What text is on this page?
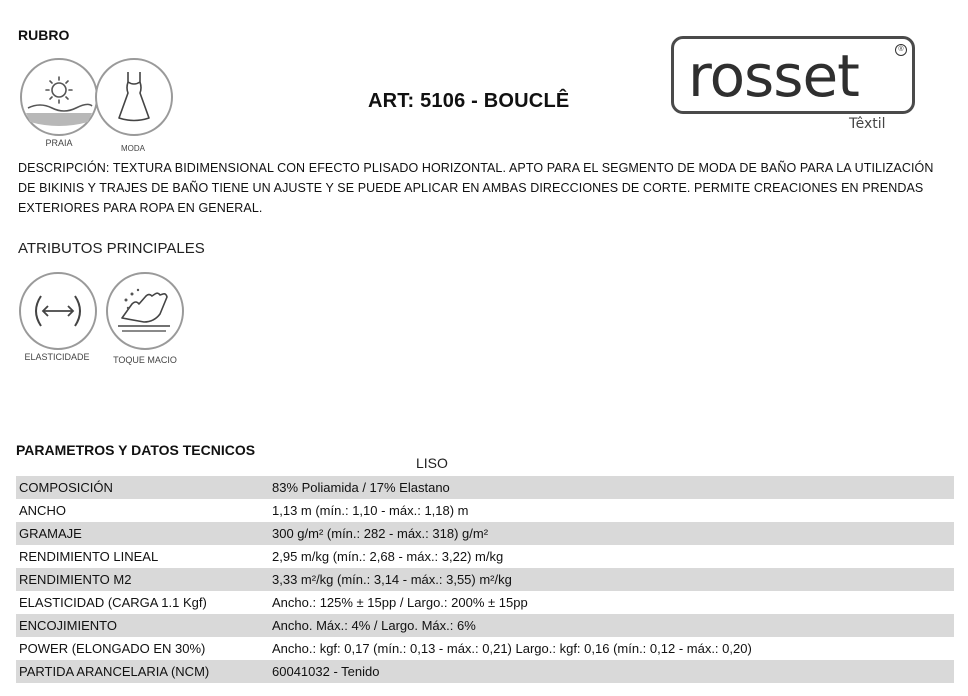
RUBRO
PRAIA
MODA
ART: 5106 - BOUCLÊ rosset	®
Têxtil
DESCRIPCIÓN: TEXTURA BIDIMENSIONAL CON EFECTO PLISADO HORIZONTAL. APTO PARA EL SEGMENTO DE MODA DE BAÑO PARA LA UTILIZACIÓN DE BIKINIS Y TRAJES DE BAÑO TIENE UN AJUSTE Y SE PUEDE APLICAR EN AMBAS DIRECCIONES DE CORTE. PERMITE CREACIONES EN PRENDAS EXTERIORES PARA ROPA EN GENERAL.
ATRIBUTOS PRINCIPALES
ELASTICIDADE	TOQUE MACIO
PARAMETROS Y DATOS TECNICOS
LISO
COMPOSICIÓN	83% Poliamida / 17% Elastano
ANCHO	1,13 m (mín.: 1,10 - máx.: 1,18) m
GRAMAJE	300 g/m² (mín.: 282 - máx.: 318) g/m²
RENDIMIENTO LINEAL	2,95 m/kg (mín.: 2,68 - máx.: 3,22) m/kg
RENDIMIENTO M2	3,33 m²/kg (mín.: 3,14 - máx.: 3,55) m²/kg
ELASTICIDAD (CARGA 1.1 Kgf)	Ancho.: 125% ± 15pp / Largo.: 200% ± 15pp
ENCOJIMIENTO	Ancho. Máx.: 4% / Largo. Máx.: 6%
POWER (ELONGADO EN 30%)	Ancho.: kgf: 0,17 (mín.: 0,13 - máx.: 0,21) Largo.: kgf: 0,16 (mín.: 0,12 - máx.: 0,20)
PARTIDA ARANCELARIA (NCM)	60041032 - Tenido
